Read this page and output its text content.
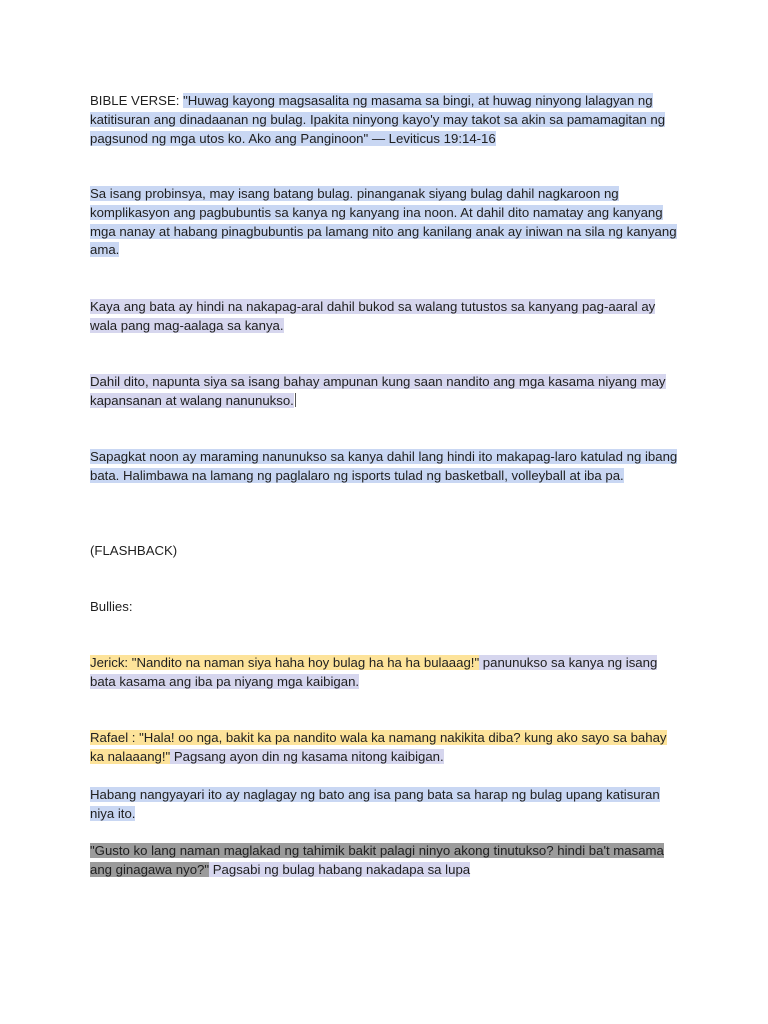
BIBLE VERSE: "Huwag kayong magsasalita ng masama sa bingi, at huwag ninyong lalagyan ng katitisuran ang dinadaanan ng bulag. Ipakita ninyong kayo'y may takot sa akin sa pamamagitan ng pagsunod ng mga utos ko. Ako ang Panginoon" — Leviticus 19:14-16

Sa isang probinsya, may isang batang bulag. pinanganak siyang bulag dahil nagkaroon ng komplikasyon ang pagbubuntis sa kanya ng kanyang ina noon. At dahil dito namatay ang kanyang mga nanay at habang pinagbubuntis pa lamang nito ang kanilang anak ay iniwan na sila ng kanyang ama.

Kaya ang bata ay hindi na nakapag-aral dahil bukod sa walang tutustos sa kanyang pag-aaral ay wala pang mag-aalaga sa kanya.

Dahil dito, napunta siya sa isang bahay ampunan kung saan nandito ang mga kasama niyang may kapansanan at walang nanunukso.

Sapagkat noon ay maraming nanunukso sa kanya dahil lang hindi ito makapag-laro katulad ng ibang bata. Halimbawa na lamang ng paglalaro ng isports tulad ng basketball, volleyball at iba pa.

(FLASHBACK)

Bullies:

Jerick: "Nandito na naman siya haha hoy bulag ha ha ha bulaaag!" panunukso sa kanya ng isang bata kasama ang iba pa niyang mga kaibigan.

Rafael : "Hala! oo nga, bakit ka pa nandito wala ka namang nakikita diba? kung ako sayo sa bahay ka nalaaang!" Pagsang ayon din ng kasama nitong kaibigan.

Habang nangyayari ito ay naglagay ng bato ang isa pang bata sa harap ng bulag upang katisuran niya ito.

"Gusto ko lang naman maglakad ng tahimik bakit palagi ninyo akong tinutukso? hindi ba't masama ang ginagawa nyo?" Pagsabi ng bulag habang nakadapa sa lupa
